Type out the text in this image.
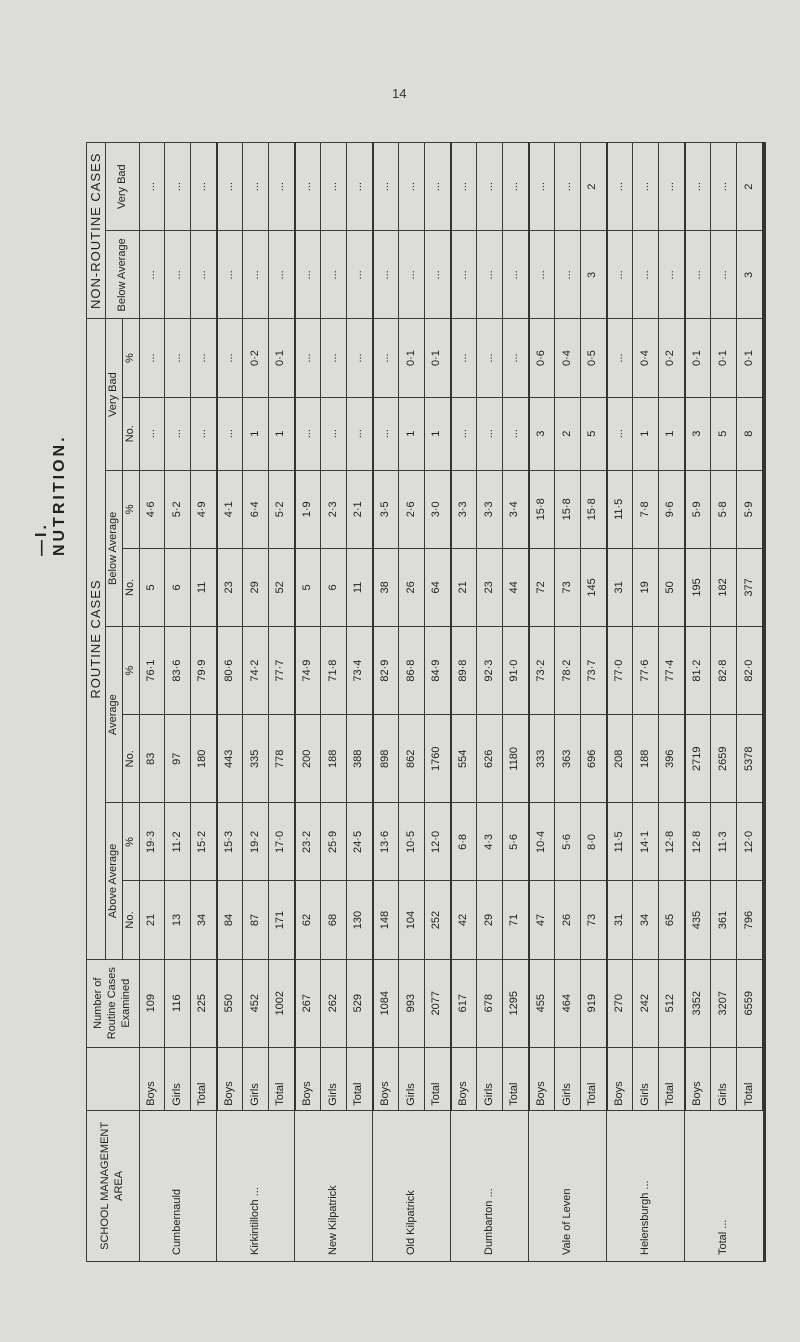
14
—I. NUTRITION.
SCHOOL MANAGEMENT AREA		Number of Routine Cases Examined	ROUTINE CASES								NON-ROUTINE CASES	
			Above Average		Average		Below Average		Very Bad		Below Average	Very Bad
			No.	%	No.	%	No.	%	No.	%		
Cumbernauld	Boys	109	21	19·3	83	76·1	5	4·6	...	...	...	...
	Girls	116	13	11·2	97	83·6	6	5·2	...	...	...	...
	Total	225	34	15·2	180	79·9	11	4·9	...	...	...	...
Kirkintilloch ...	Boys	550	84	15·3	443	80·6	23	4·1	...	...	...	...
	Girls	452	87	19·2	335	74·2	29	6·4	1	0·2	...	...
	Total	1002	171	17·0	778	77·7	52	5·2	1	0·1	...	...
New Kilpatrick	Boys	267	62	23·2	200	74·9	5	1·9	...	...	...	...
	Girls	262	68	25·9	188	71·8	6	2·3	...	...	...	...
	Total	529	130	24·5	388	73·4	11	2·1	...	...	...	...
Old Kilpatrick	Boys	1084	148	13·6	898	82·9	38	3·5	...	...	...	...
	Girls	993	104	10·5	862	86·8	26	2·6	1	0·1	...	...
	Total	2077	252	12·0	1760	84·9	64	3·0	1	0·1	...	...
Dumbarton ...	Boys	617	42	6·8	554	89·8	21	3·3	...	...	...	...
	Girls	678	29	4·3	626	92·3	23	3·3	...	...	...	...
	Total	1295	71	5·6	1180	91·0	44	3·4	...	...	...	...
Vale of Leven	Boys	455	47	10·4	333	73·2	72	15·8	3	0·6	...	...
	Girls	464	26	5·6	363	78·2	73	15·8	2	0·4	...	...
	Total	919	73	8·0	696	73·7	145	15·8	5	0·5	3	2
Helensburgh ...	Boys	270	31	11·5	208	77·0	31	11·5	...	...	...	...
	Girls	242	34	14·1	188	77·6	19	7·8	1	0·4	...	...
	Total	512	65	12·8	396	77·4	50	9·6	1	0·2	...	...
Total ...	Boys	3352	435	12·8	2719	81·2	195	5·9	3	0·1	...	...
	Girls	3207	361	11·3	2659	82·8	182	5·8	5	0·1	...	...
	Total	6559	796	12·0	5378	82·0	377	5·9	8	0·1	3	2
